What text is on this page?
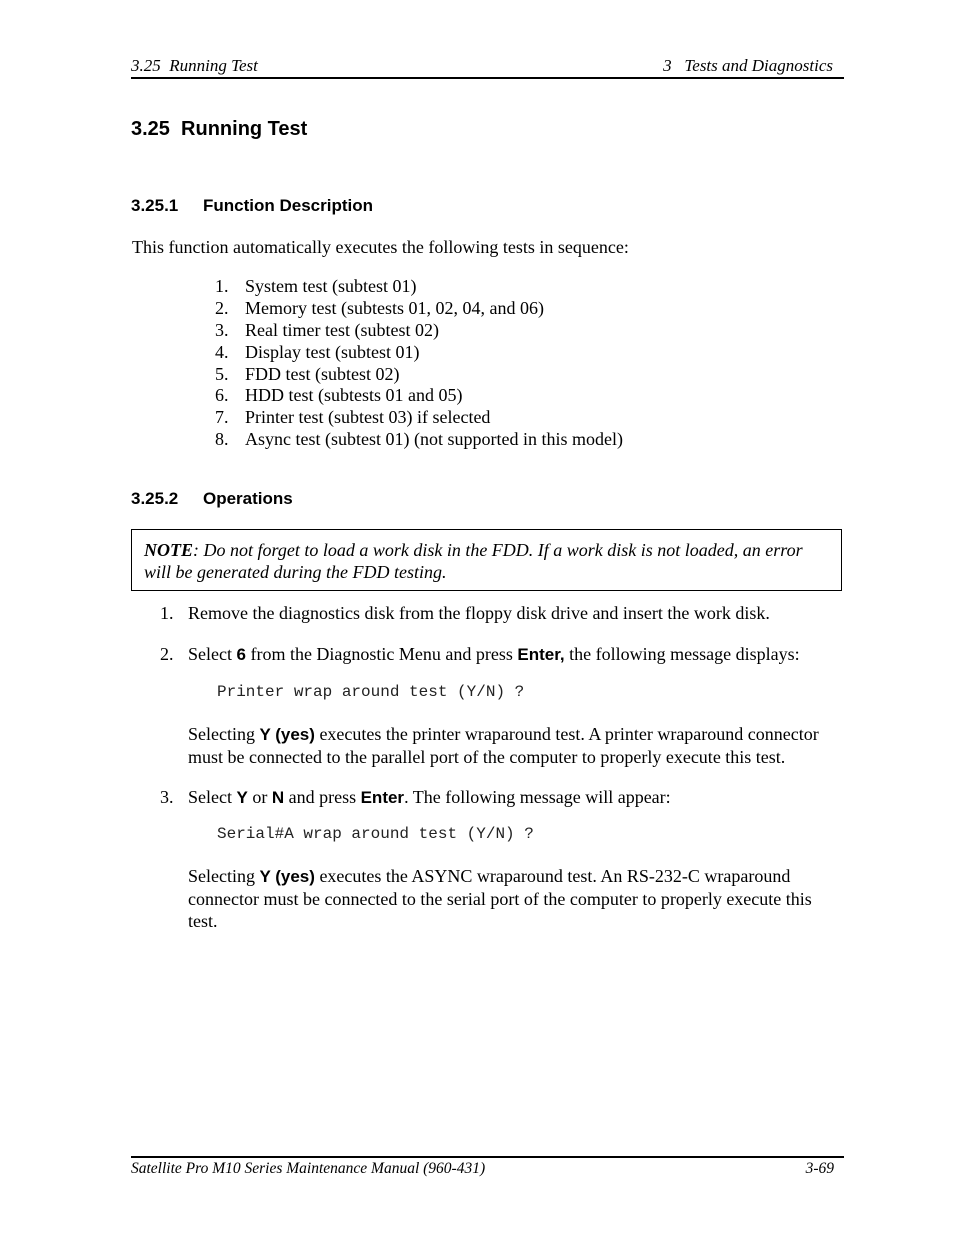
3.25  Running Test	3   Tests and Diagnostics
3.25  Running Test
3.25.1 Function Description
This function automatically executes the following tests in sequence:
1. System test (subtest 01)
2. Memory test (subtests 01, 02, 04, and 06)
3. Real timer test (subtest 02)
4. Display test (subtest 01)
5. FDD test (subtest 02)
6. HDD test (subtests 01 and 05)
7. Printer test (subtest 03) if selected
8. Async test (subtest 01) (not supported in this model)
3.25.2 Operations
NOTE: Do not forget to load a work disk in the FDD. If a work disk is not loaded, an error will be generated during the FDD testing.
1. Remove the diagnostics disk from the floppy disk drive and insert the work disk.
2. Select 6 from the Diagnostic Menu and press Enter, the following message displays:
Printer wrap around test (Y/N) ?
Selecting Y (yes) executes the printer wraparound test. A printer wraparound connector must be connected to the parallel port of the computer to properly execute this test.
3. Select Y or N and press Enter. The following message will appear:
Serial#A wrap around test (Y/N) ?
Selecting Y (yes) executes the ASYNC wraparound test. An RS-232-C wraparound connector must be connected to the serial port of the computer to properly execute this test.
Satellite Pro M10 Series Maintenance Manual (960-431)	3-69
